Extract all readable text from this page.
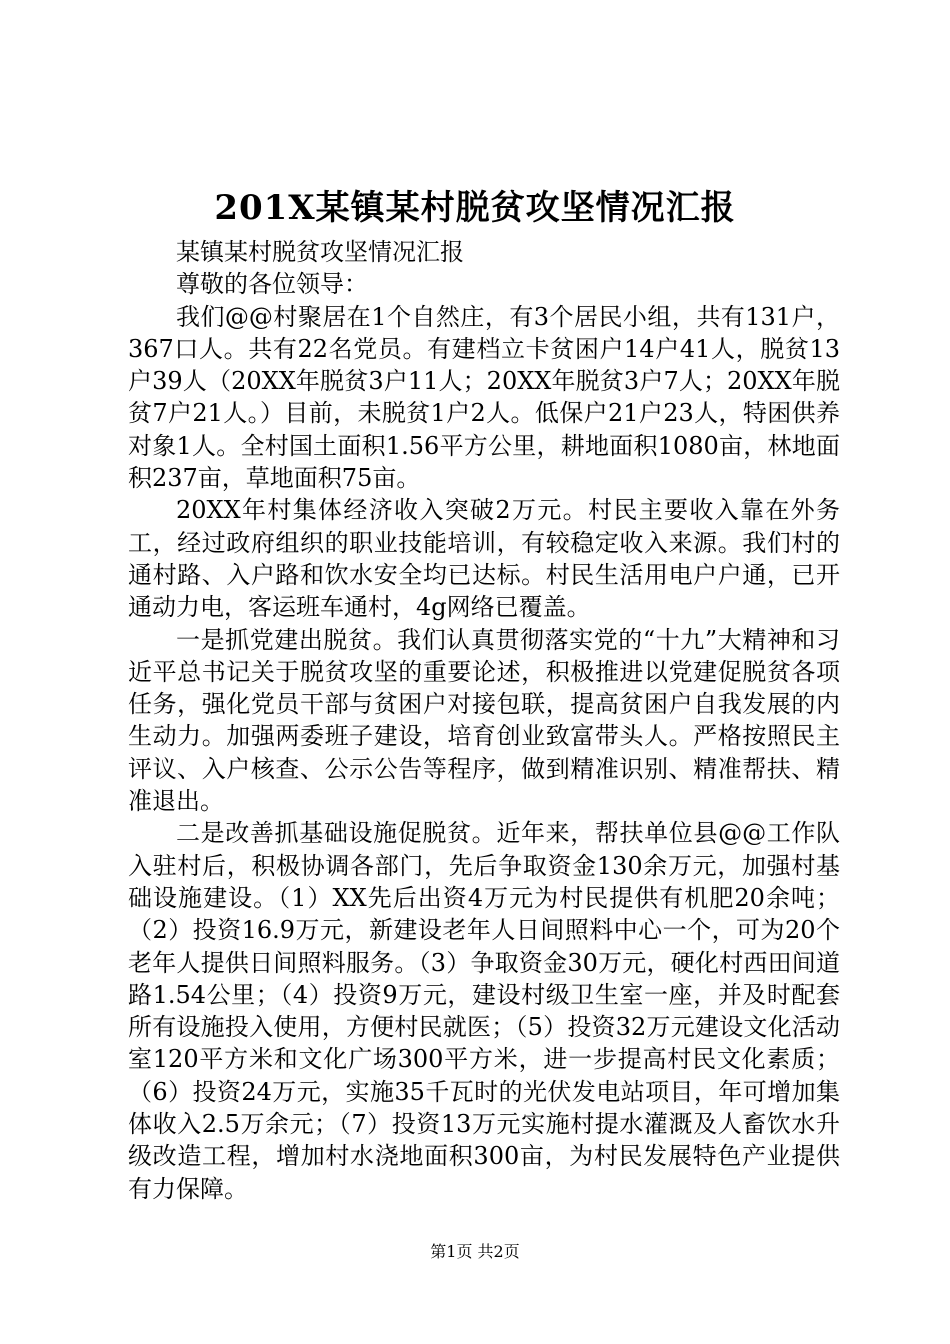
201X某镇某村脱贫攻坚情况汇报

某镇某村脱贫攻坚情况汇报

尊敬的各位领导：

我们@@村聚居在1个自然庄，有3个居民小组，共有131户，367口人。共有22名党员。有建档立卡贫困户14户41人，脱贫13户39人（20XX年脱贫3户11人；20XX年脱贫3户7人；20XX年脱贫7户21人。）目前，未脱贫1户2人。低保户21户23人，特困供养对象1人。全村国土面积1.56平方公里，耕地面积1080亩，林地面积237亩，草地面积75亩。

20XX年村集体经济收入突破2万元。村民主要收入靠在外务工，经过政府组织的职业技能培训，有较稳定收入来源。我们村的通村路、入户路和饮水安全均已达标。村民生活用电户户通，已开通动力电，客运班车通村，4g网络已覆盖。

一是抓党建出脱贫。我们认真贯彻落实党的“十九”大精神和习近平总书记关于脱贫攻坚的重要论述，积极推进以党建促脱贫各项任务，强化党员干部与贫困户对接包联，提高贫困户自我发展的内生动力。加强两委班子建设，培育创业致富带头人。严格按照民主评议、入户核查、公示公告等程序，做到精准识别、精准帮扶、精准退出。

二是改善抓基础设施促脱贫。近年来，帮扶单位县@@工作队入驻村后，积极协调各部门，先后争取资金130余万元，加强村基础设施建设。（1）XX先后出资4万元为村民提供有机肥20余吨；（2）投资16.9万元，新建设老年人日间照料中心一个，可为20个老年人提供日间照料服务。（3）争取资金30万元，硬化村西田间道路1.54公里；（4）投资9万元，建设村级卫生室一座，并及时配套所有设施投入使用，方便村民就医；（5）投资32万元建设文化活动室120平方米和文化广场300平方米，进一步提高村民文化素质；（6）投资24万元，实施35千瓦时的光伏发电站项目，年可增加集体收入2.5万余元；（7）投资13万元实施村提水灌溉及人畜饮水升级改造工程，增加村水浇地面积300亩，为村民发展特色产业提供有力保障。

第1页 共2页
